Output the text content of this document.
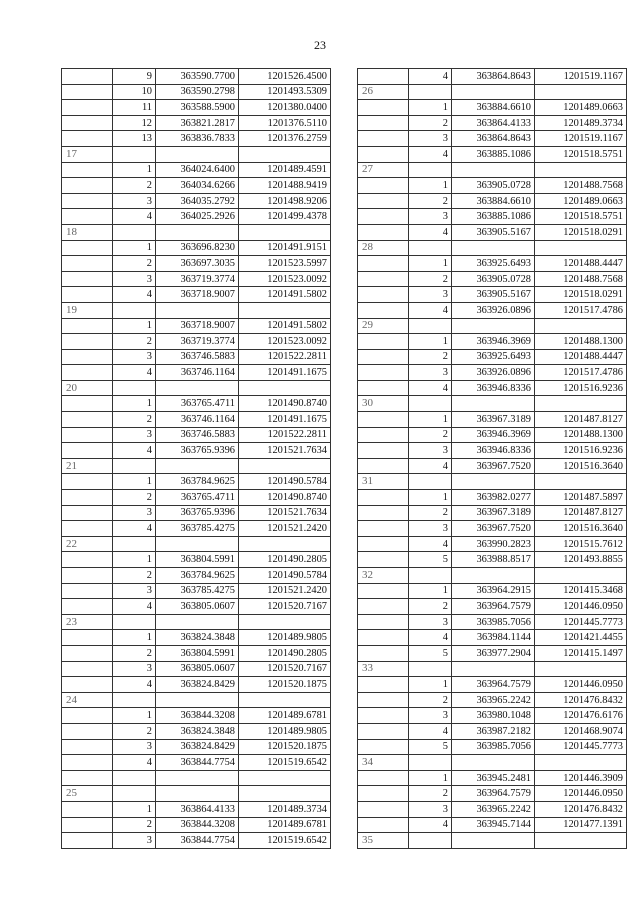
23
	9	363590.7700	1201526.4500
	10	363590.2798	1201493.5309
	11	363588.5900	1201380.0400
	12	363821.2817	1201376.5110
	13	363836.7833	1201376.2759
17			
	1	364024.6400	1201489.4591
	2	364034.6266	1201488.9419
	3	364035.2792	1201498.9206
	4	364025.2926	1201499.4378
18			
	1	363696.8230	1201491.9151
	2	363697.3035	1201523.5997
	3	363719.3774	1201523.0092
	4	363718.9007	1201491.5802
19			
	1	363718.9007	1201491.5802
	2	363719.3774	1201523.0092
	3	363746.5883	1201522.2811
	4	363746.1164	1201491.1675
20			
	1	363765.4711	1201490.8740
	2	363746.1164	1201491.1675
	3	363746.5883	1201522.2811
	4	363765.9396	1201521.7634
21			
	1	363784.9625	1201490.5784
	2	363765.4711	1201490.8740
	3	363765.9396	1201521.7634
	4	363785.4275	1201521.2420
22			
	1	363804.5991	1201490.2805
	2	363784.9625	1201490.5784
	3	363785.4275	1201521.2420
	4	363805.0607	1201520.7167
23			
	1	363824.3848	1201489.9805
	2	363804.5991	1201490.2805
	3	363805.0607	1201520.7167
	4	363824.8429	1201520.1875
24			
	1	363844.3208	1201489.6781
	2	363824.3848	1201489.9805
	3	363824.8429	1201520.1875
	4	363844.7754	1201519.6542

25			
	1	363864.4133	1201489.3734
	2	363844.3208	1201489.6781
	3	363844.7754	1201519.6542
	4	363864.8643	1201519.1167
26			
	1	363884.6610	1201489.0663
	2	363864.4133	1201489.3734
	3	363864.8643	1201519.1167
	4	363885.1086	1201518.5751
27			
	1	363905.0728	1201488.7568
	2	363884.6610	1201489.0663
	3	363885.1086	1201518.5751
	4	363905.5167	1201518.0291
28			
	1	363925.6493	1201488.4447
	2	363905.0728	1201488.7568
	3	363905.5167	1201518.0291
	4	363926.0896	1201517.4786
29			
	1	363946.3969	1201488.1300
	2	363925.6493	1201488.4447
	3	363926.0896	1201517.4786
	4	363946.8336	1201516.9236
30			
	1	363967.3189	1201487.8127
	2	363946.3969	1201488.1300
	3	363946.8336	1201516.9236
	4	363967.7520	1201516.3640
31			
	1	363982.0277	1201487.5897
	2	363967.3189	1201487.8127
	3	363967.7520	1201516.3640
	4	363990.2823	1201515.7612
	5	363988.8517	1201493.8855
32			
	1	363964.2915	1201415.3468
	2	363964.7579	1201446.0950
	3	363985.7056	1201445.7773
	4	363984.1144	1201421.4455
	5	363977.2904	1201415.1497
33			
	1	363964.7579	1201446.0950
	2	363965.2242	1201476.8432
	3	363980.1048	1201476.6176
	4	363987.2182	1201468.9074
	5	363985.7056	1201445.7773
34			
	1	363945.2481	1201446.3909
	2	363964.7579	1201446.0950
	3	363965.2242	1201476.8432
	4	363945.7144	1201477.1391
35			
